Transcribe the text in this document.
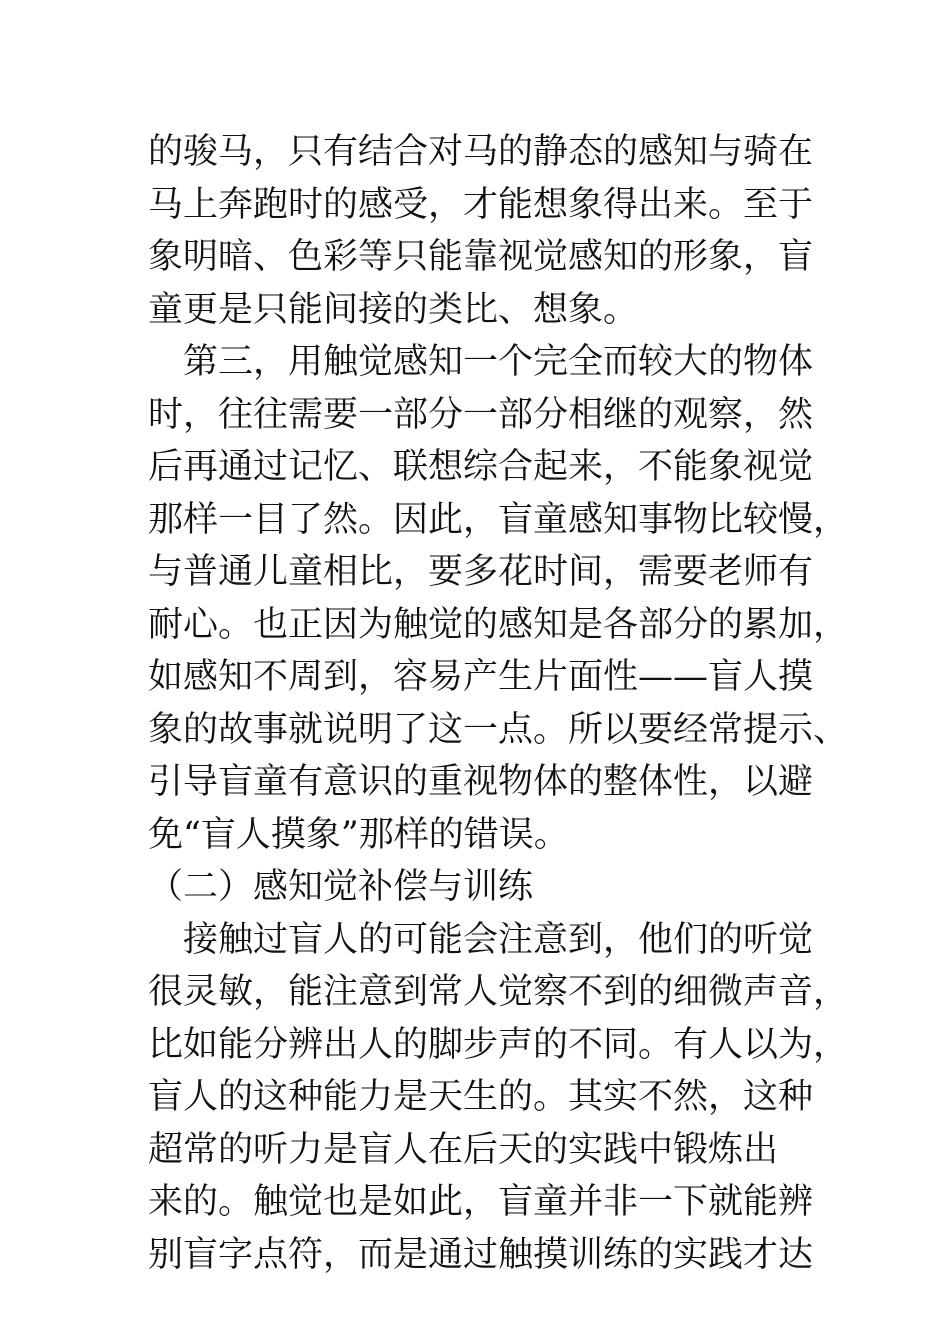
的骏马，只有结合对马的静态的感知与骑在
马上奔跑时的感受，才能想象得出来。至于
象明暗、色彩等只能靠视觉感知的形象，盲
童更是只能间接的类比、想象。
第三，用触觉感知一个完全而较大的物体
时，往往需要一部分一部分相继的观察，然
后再通过记忆、联想综合起来，不能象视觉
那样一目了然。因此，盲童感知事物比较慢，
与普通儿童相比，要多花时间，需要老师有
耐心。也正因为触觉的感知是各部分的累加，
如感知不周到，容易产生片面性——盲人摸
象的故事就说明了这一点。所以要经常提示、
引导盲童有意识的重视物体的整体性，以避
免“盲人摸象”那样的错误。
（二）感知觉补偿与训练
接触过盲人的可能会注意到，他们的听觉
很灵敏，能注意到常人觉察不到的细微声音，
比如能分辨出人的脚步声的不同。有人以为，
盲人的这种能力是天生的。其实不然，这种
超常的听力是盲人在后天的实践中锻炼出
来的。触觉也是如此，盲童并非一下就能辨
别盲字点符，而是通过触摸训练的实践才达
